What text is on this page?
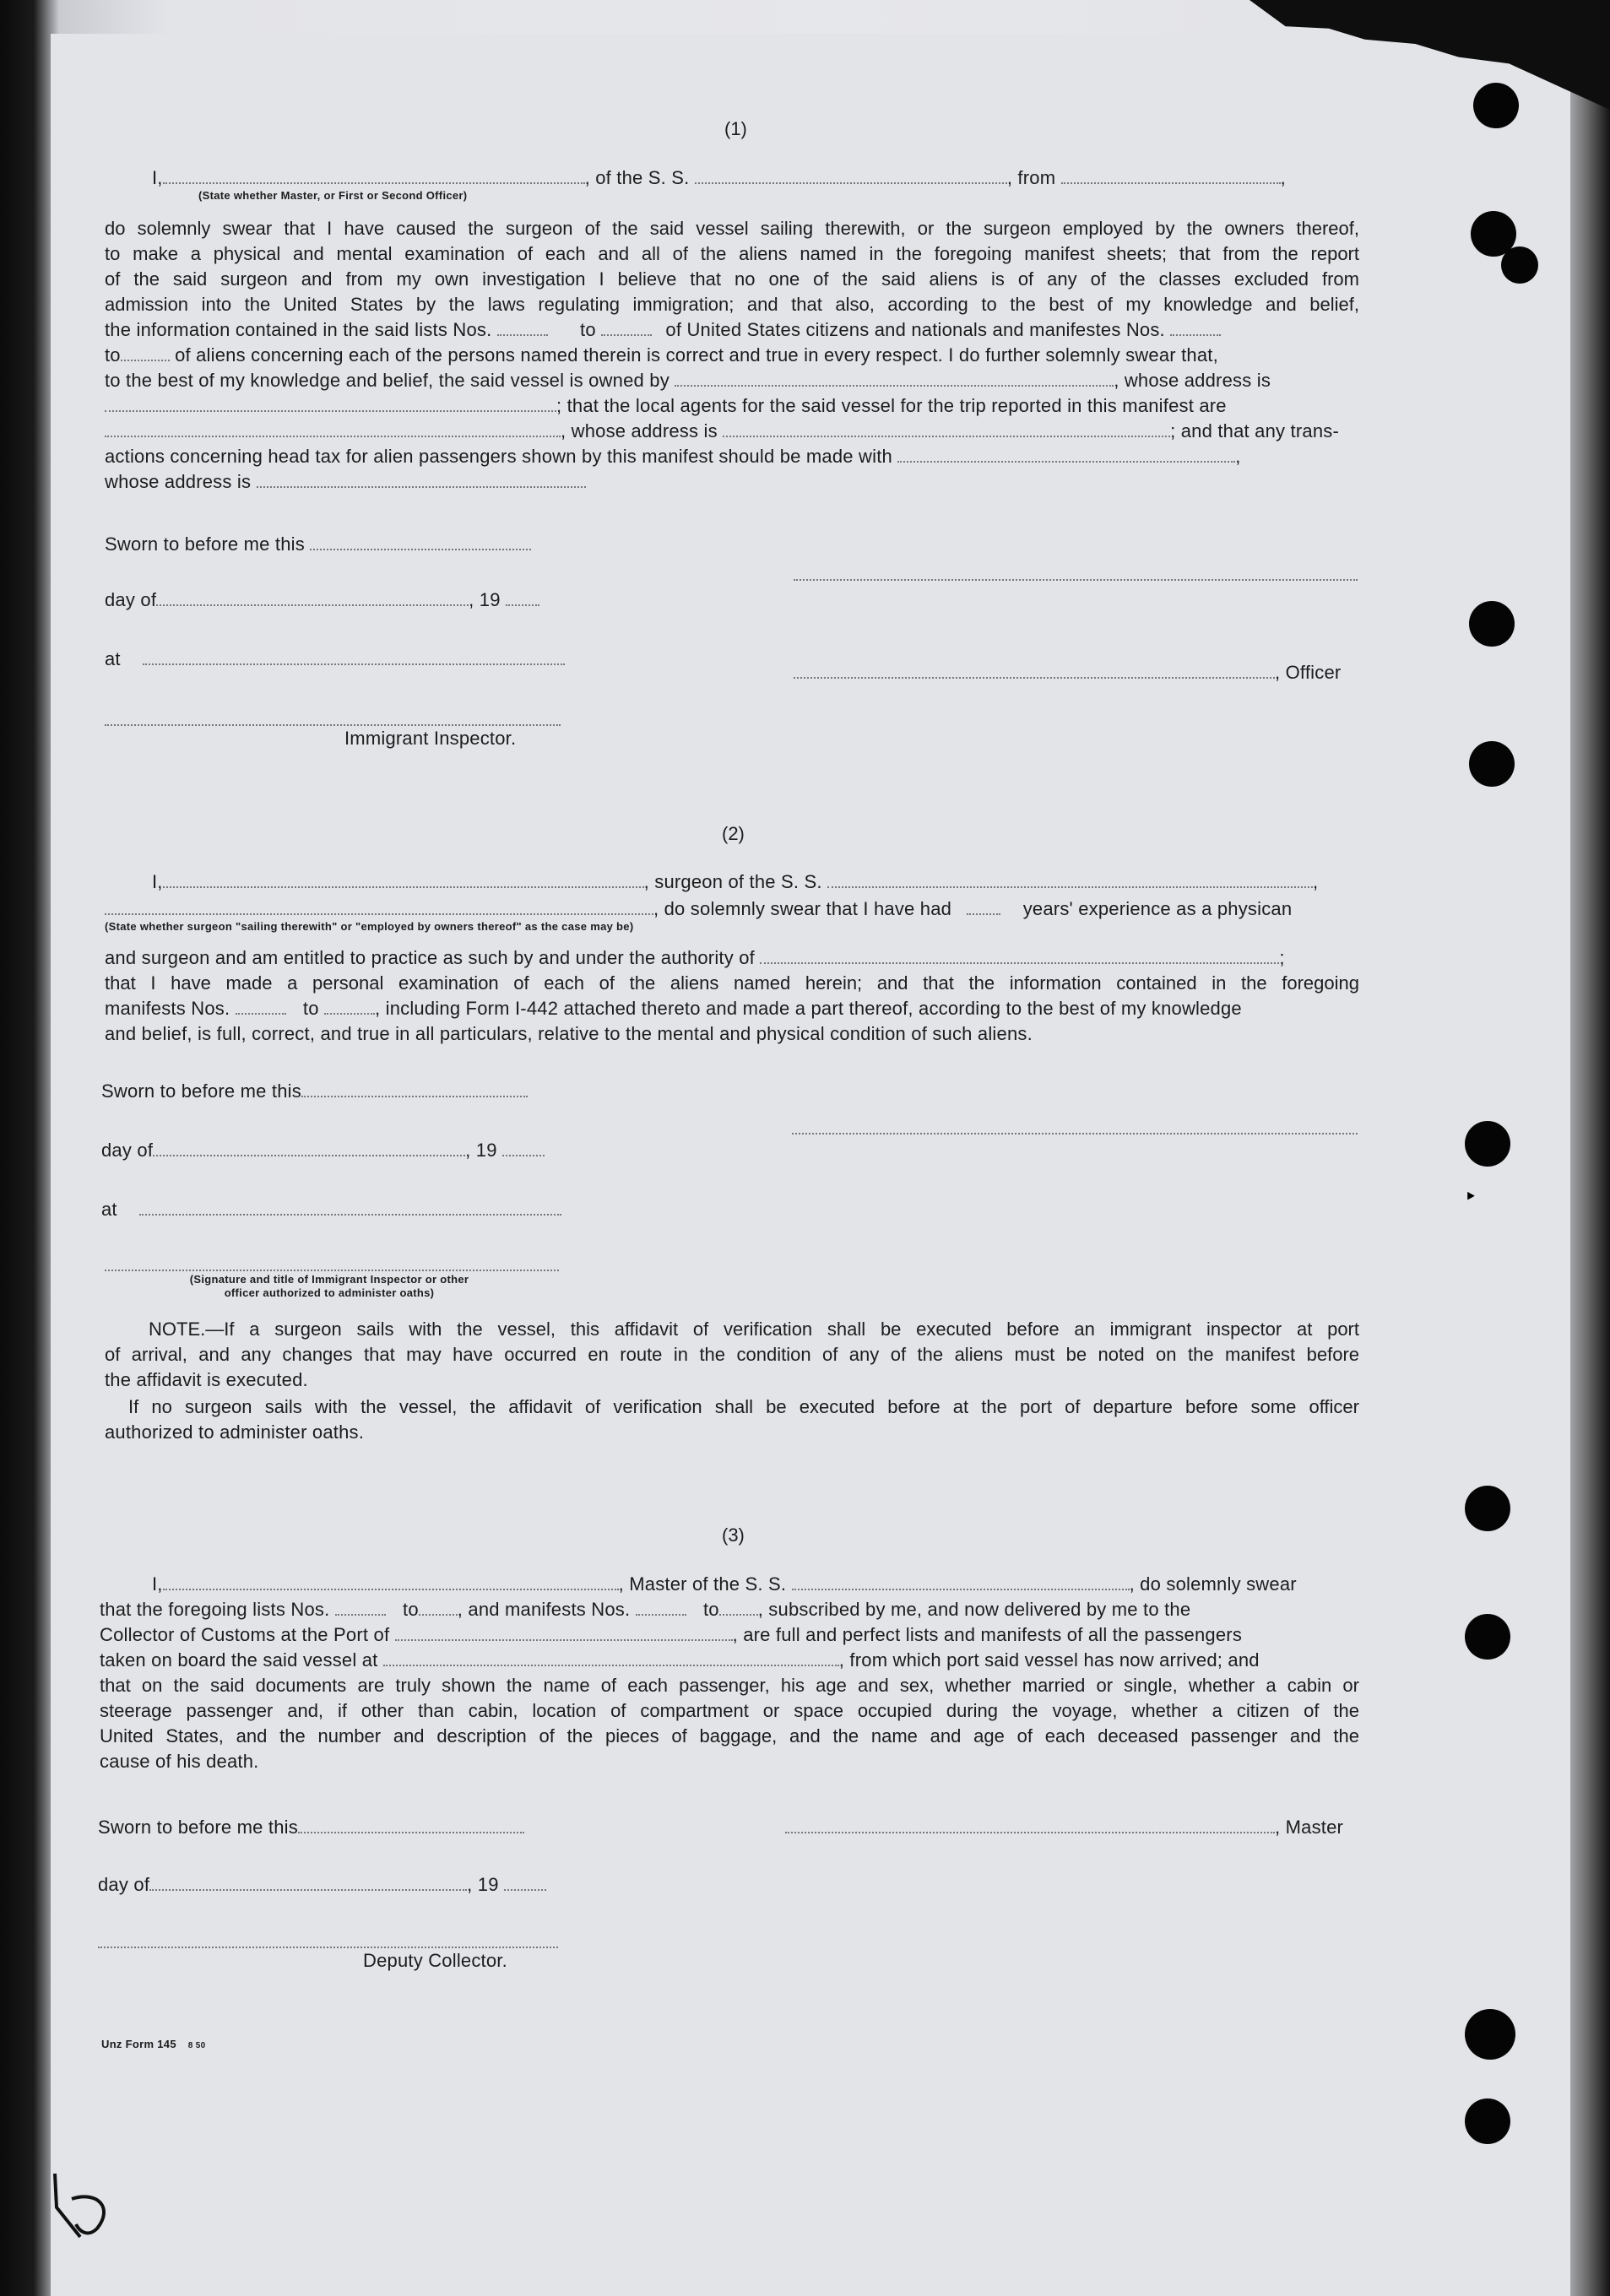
(1)
I,	, of the S. S.	, from	,
(State whether Master, or First or Second Officer)
do solemnly swear that I have caused the surgeon of the said vessel sailing therewith, or the surgeon employed by the owners thereof,
to make a physical and mental examination of each and all of the aliens named in the foregoing manifest sheets; that from the report
of the said surgeon and from my own investigation I believe that no one of the said aliens is of any of the classes excluded from
admission into the United States by the laws regulating immigration; and that also, according to the best of my knowledge and belief,
the information contained in the said lists Nos.	to	of United States citizens and nationals and manifestes Nos.
to	of aliens concerning each of the persons named therein is correct and true in every respect. I do further solemnly swear that,
to the best of my knowledge and belief, the said vessel is owned by	, whose address is
; that the local agents for the said vessel for the trip reported in this manifest are
, whose address is	; and that any trans-
actions concerning head tax for alien passengers shown by this manifest should be made with	,
whose address is
Sworn to before me this
day of	, 19
at
, Officer
Immigrant Inspector.
(2)
I,	, surgeon of the S. S.	,
, do solemnly swear that I have had	years' experience as a physican
(State whether surgeon "sailing therewith" or "employed by owners thereof" as the case may be)
and surgeon and am entitled to practice as such by and under the authority of	;
that I have made a personal examination of each of the aliens named herein; and that the information contained in the foregoing
manifests Nos.	to	, including Form I-442 attached thereto and made a part thereof, according to the best of my knowledge
and belief, is full, correct, and true in all particulars, relative to the mental and physical condition of such aliens.
Sworn to before me this
day of	, 19
at
(Signature and title of Immigrant Inspector or other
officer authorized to administer oaths)
NOTE.—If a surgeon sails with the vessel, this affidavit of verification shall be executed before an immigrant inspector at port
of arrival, and any changes that may have occurred en route in the condition of any of the aliens must be noted on the manifest before
the affidavit is executed.
If no surgeon sails with the vessel, the affidavit of verification shall be executed before at the port of departure before some officer
authorized to administer oaths.
(3)
I,	, Master of the S. S.	, do solemnly swear
that the foregoing lists Nos.	to , and manifests Nos.	to , subscribed by me, and now delivered by me to the
Collector of Customs at the Port of	, are full and perfect lists and manifests of all the passengers
taken on board the said vessel at	, from which port said vessel has now arrived; and
that on the said documents are truly shown the name of each passenger, his age and sex, whether married or single, whether a cabin or
steerage passenger and, if other than cabin, location of compartment or space occupied during the voyage, whether a citizen of the
United States, and the number and description of the pieces of baggage, and the name and age of each deceased passenger and the
cause of his death.
Sworn to before me this	, Master
day of	, 19
Deputy Collector.
Unz Form 145 8 50
‣
